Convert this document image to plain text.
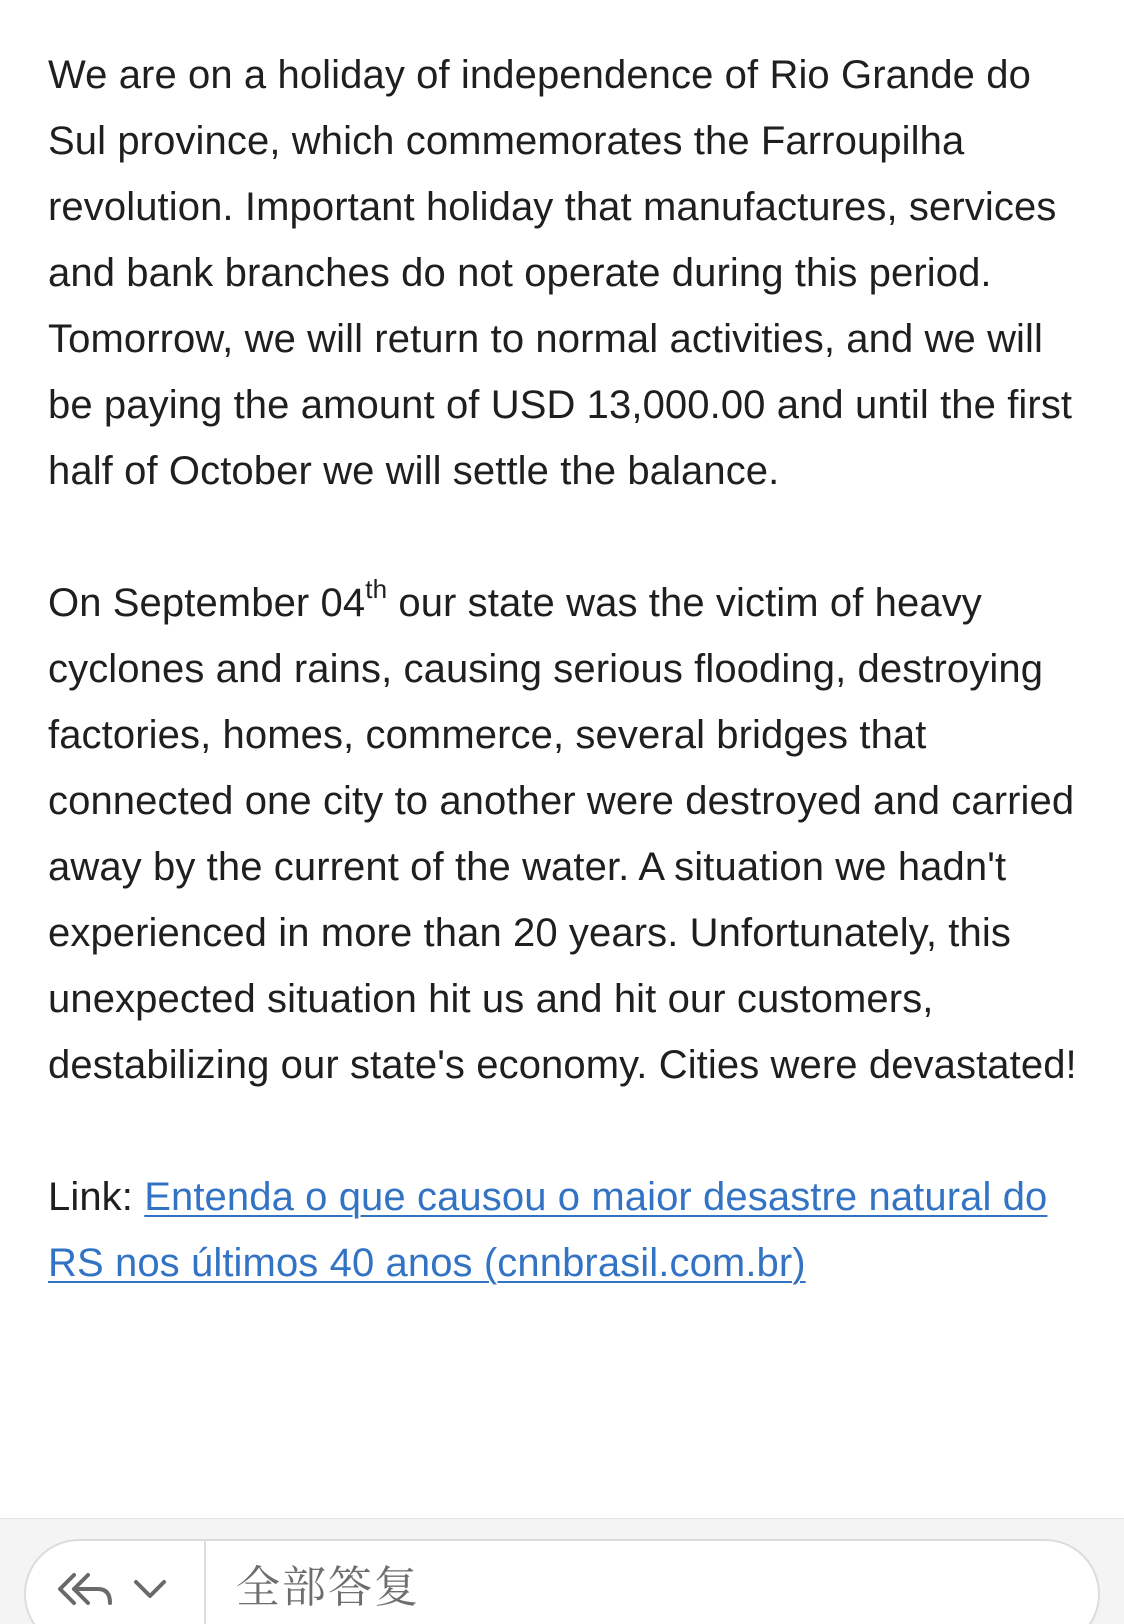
We are on a holiday of independence of Rio Grande do Sul province, which commemorates the Farroupilha revolution. Important holiday that manufactures, services and bank branches do not operate during this period. Tomorrow, we will return to normal activities, and we will be paying the amount of USD 13,000.00 and until the first half of October we will settle the balance.

On September 04th our state was the victim of heavy cyclones and rains, causing serious flooding, destroying factories, homes, commerce, several bridges that connected one city to another were destroyed and carried away by the current of the water. A situation we hadn't experienced in more than 20 years. Unfortunately, this unexpected situation hit us and hit our customers, destabilizing our state's economy. Cities were devastated!

Link: Entenda o que causou o maior desastre natural do RS nos últimos 40 anos (cnnbrasil.com.br)

全部答复
